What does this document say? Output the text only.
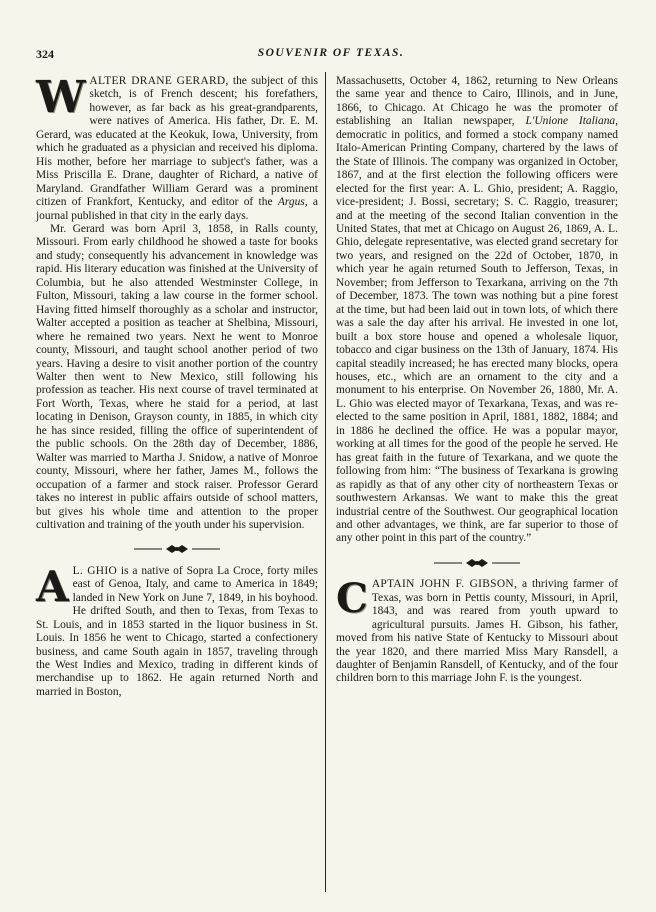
324	SOUVENIR OF TEXAS.

WALTER DRANE GERARD, the subject of this sketch, is of French descent; his forefathers, however, as far back as his great-grandparents, were natives of America. His father, Dr. E. M. Gerard, was educated at the Keokuk, Iowa, University, from which he graduated as a physician and received his diploma. His mother, before her marriage to subject's father, was a Miss Priscilla E. Drane, daughter of Richard, a native of Maryland. Grandfather William Gerard was a prominent citizen of Frankfort, Kentucky, and editor of the Argus, a journal published in that city in the early days.

Mr. Gerard was born April 3, 1858, in Ralls county, Missouri. From early childhood he showed a taste for books and study; consequently his advancement in knowledge was rapid. His literary education was finished at the University of Columbia, but he also attended Westminster College, in Fulton, Missouri, taking a law course in the former school. Having fitted himself thoroughly as a scholar and instructor, Walter accepted a position as teacher at Shelbina, Missouri, where he remained two years. Next he went to Monroe county, Missouri, and taught school another period of two years. Having a desire to visit another portion of the country Walter then went to New Mexico, still following his profession as teacher. His next course of travel terminated at Fort Worth, Texas, where he staid for a period, at last locating in Denison, Grayson county, in 1885, in which city he has since resided, filling the office of superintendent of the public schools. On the 28th day of December, 1886, Walter was married to Martha J. Snidow, a native of Monroe county, Missouri, where her father, James M., follows the occupation of a farmer and stock raiser. Professor Gerard takes no interest in public affairs outside of school matters, but gives his whole time and attention to the proper cultivation and training of the youth under his supervision.

A L. GHIO is a native of Sopra La Croce, forty miles east of Genoa, Italy, and came to America in 1849; landed in New York on June 7, 1849, in his boyhood. He drifted South, and then to Texas, from Texas to St. Louis, and in 1853 started in the liquor business in St. Louis. In 1856 he went to Chicago, started a confectionery business, and came South again in 1857, traveling through the West Indies and Mexico, trading in different kinds of merchandise up to 1862. He again returned North and married in Boston,

Massachusetts, October 4, 1862, returning to New Orleans the same year and thence to Cairo, Illinois, and in June, 1866, to Chicago. At Chicago he was the promoter of establishing an Italian newspaper, L'Unione Italiana, democratic in politics, and formed a stock company named Italo-American Printing Company, chartered by the laws of the State of Illinois. The company was organized in October, 1867, and at the first election the following officers were elected for the first year: A. L. Ghio, president; A. Raggio, vice-president; J. Bossi, secretary; S. C. Raggio, treasurer; and at the meeting of the second Italian convention in the United States, that met at Chicago on August 26, 1869, A. L. Ghio, delegate representative, was elected grand secretary for two years, and resigned on the 22d of October, 1870, in which year he again returned South to Jefferson, Texas, in November; from Jefferson to Texarkana, arriving on the 7th of December, 1873. The town was nothing but a pine forest at the time, but had been laid out in town lots, of which there was a sale the day after his arrival. He invested in one lot, built a box store house and opened a wholesale liquor, tobacco and cigar business on the 13th of January, 1874. His capital steadily increased; he has erected many blocks, opera houses, etc., which are an ornament to the city and a monument to his enterprise. On November 26, 1880, Mr. A. L. Ghio was elected mayor of Texarkana, Texas, and was re-elected to the same position in April, 1881, 1882, 1884; and in 1886 he declined the office. He was a popular mayor, working at all times for the good of the people he served. He has great faith in the future of Texarkana, and we quote the following from him: “The business of Texarkana is growing as rapidly as that of any other city of northeastern Texas or southwestern Arkansas. We want to make this the great industrial centre of the Southwest. Our geographical location and other advantages, we think, are far superior to those of any other point in this part of the country.”

CAPTAIN JOHN F. GIBSON, a thriving farmer of Texas, was born in Pettis county, Missouri, in April, 1843, and was reared from youth upward to agricultural pursuits. James H. Gibson, his father, moved from his native State of Kentucky to Missouri about the year 1820, and there married Miss Mary Ransdell, a daughter of Benjamin Ransdell, of Kentucky, and of the four children born to this marriage John F. is the youngest.
